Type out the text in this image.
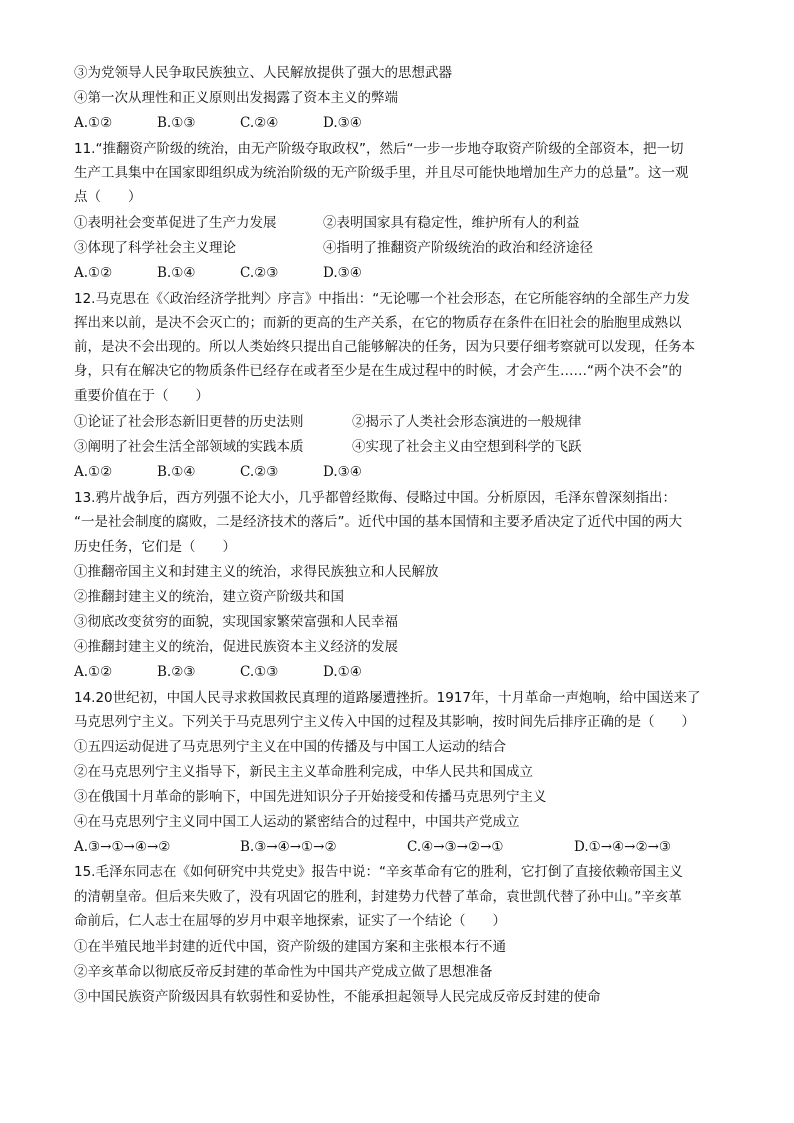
③为党领导人民争取民族独立、人民解放提供了强大的思想武器
④第一次从理性和正义原则出发揭露了资本主义的弊端
A.①②	B.①③	C.②④	D.③④
11.“推翻资产阶级的统治，由无产阶级夺取政权”，然后“一步一步地夺取资产阶级的全部资本，把一切
生产工具集中在国家即组织成为统治阶级的无产阶级手里，并且尽可能快地增加生产力的总量”。这一观
点（　　）
①表明社会变革促进了生产力发展	②表明国家具有稳定性，维护所有人的利益
③体现了科学社会主义理论	④指明了推翻资产阶级统治的政治和经济途径
A.①②	B.①④	C.②③	D.③④
12.马克思在《〈政治经济学批判〉序言》中指出：“无论哪一个社会形态，在它所能容纳的全部生产力发
挥出来以前，是决不会灭亡的；而新的更高的生产关系，在它的物质存在条件在旧社会的胎胞里成熟以
前，是决不会出现的。所以人类始终只提出自己能够解决的任务，因为只要仔细考察就可以发现，任务本
身，只有在解决它的物质条件已经存在或者至少是在生成过程中的时候，才会产生……“两个决不会”的
重要价值在于（　　）
①论证了社会形态新旧更替的历史法则	②揭示了人类社会形态演进的一般规律
③阐明了社会生活全部领域的实践本质	④实现了社会主义由空想到科学的飞跃
A.①②	B.①④	C.②③	D.③④
13.鸦片战争后，西方列强不论大小，几乎都曾经欺侮、侵略过中国。分析原因，毛泽东曾深刻指出：
“一是社会制度的腐败，二是经济技术的落后”。近代中国的基本国情和主要矛盾决定了近代中国的两大
历史任务，它们是（　　）
①推翻帝国主义和封建主义的统治，求得民族独立和人民解放
②推翻封建主义的统治，建立资产阶级共和国
③彻底改变贫穷的面貌，实现国家繁荣富强和人民幸福
④推翻封建主义的统治，促进民族资本主义经济的发展
A.①②	B.②③	C.①③	D.①④
14.20世纪初，中国人民寻求救国救民真理的道路屡遭挫折。1917年，十月革命一声炮响，给中国送来了
马克思列宁主义。下列关于马克思列宁主义传入中国的过程及其影响，按时间先后排序正确的是（　　）
①五四运动促进了马克思列宁主义在中国的传播及与中国工人运动的结合
②在马克思列宁主义指导下，新民主主义革命胜利完成，中华人民共和国成立
③在俄国十月革命的影响下，中国先进知识分子开始接受和传播马克思列宁主义
④在马克思列宁主义同中国工人运动的紧密结合的过程中，中国共产党成立
A.③→①→④→②	B.③→④→①→②	C.④→③→②→①	D.①→④→②→③
15.毛泽东同志在《如何研究中共党史》报告中说：“辛亥革命有它的胜利，它打倒了直接依赖帝国主义
的清朝皇帝。但后来失败了，没有巩固它的胜利，封建势力代替了革命，袁世凯代替了孙中山。”辛亥革
命前后，仁人志士在屈辱的岁月中艰辛地探索，证实了一个结论（　　）
①在半殖民地半封建的近代中国，资产阶级的建国方案和主张根本行不通
②辛亥革命以彻底反帝反封建的革命性为中国共产党成立做了思想准备
③中国民族资产阶级因具有软弱性和妥协性，不能承担起领导人民完成反帝反封建的使命
